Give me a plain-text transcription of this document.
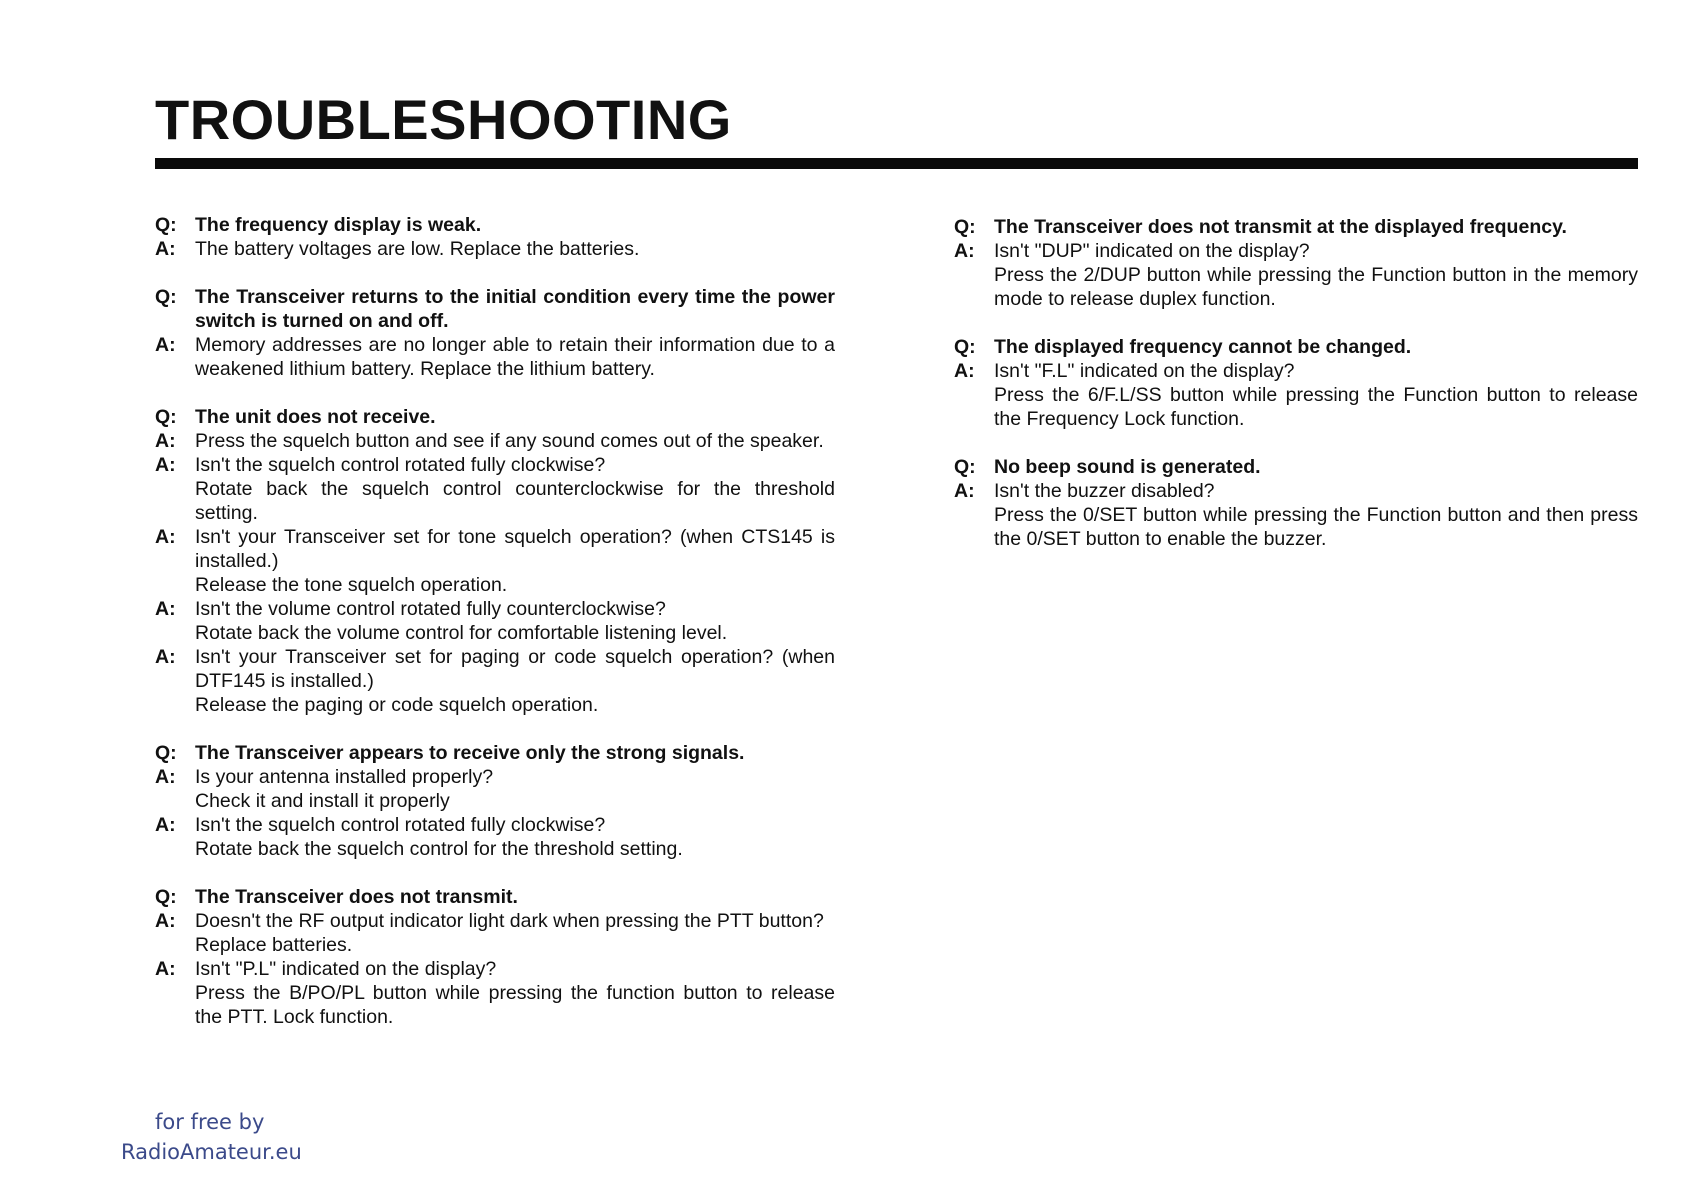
TROUBLESHOOTING
Q: The frequency display is weak.
A: The battery voltages are low. Replace the batteries.
Q: The Transceiver returns to the initial condition every time the power switch is turned on and off.
A: Memory addresses are no longer able to retain their information due to a weakened lithium battery. Replace the lithium battery.
Q: The unit does not receive.
A: Press the squelch button and see if any sound comes out of the speaker.
A: Isn't the squelch control rotated fully clockwise?
Rotate back the squelch control counterclockwise for the threshold setting.
A: Isn't your Transceiver set for tone squelch operation? (when CTS145 is installed.)
Release the tone squelch operation.
A: Isn't the volume control rotated fully counterclockwise?
Rotate back the volume control for comfortable listening level.
A: Isn't your Transceiver set for paging or code squelch operation? (when DTF145 is installed.)
Release the paging or code squelch operation.
Q: The Transceiver appears to receive only the strong signals.
A: Is your antenna installed properly?
Check it and install it properly
A: Isn't the squelch control rotated fully clockwise?
Rotate back the squelch control for the threshold setting.
Q: The Transceiver does not transmit.
A: Doesn't the RF output indicator light dark when pressing the PTT button?
Replace batteries.
A: Isn't "P.L" indicated on the display?
Press the B/PO/PL button while pressing the function button to release the PTT. Lock function.
Q: The Transceiver does not transmit at the displayed frequency.
A: Isn't "DUP" indicated on the display?
Press the 2/DUP button while pressing the Function button in the memory mode to release duplex function.
Q: The displayed frequency cannot be changed.
A: Isn't "F.L" indicated on the display?
Press the 6/F.L/SS button while pressing the Function button to release the Frequency Lock function.
Q: No beep sound is generated.
A: Isn't the buzzer disabled?
Press the 0/SET button while pressing the Function button and then press the 0/SET button to enable the buzzer.
for free by
RadioAmateur.eu
